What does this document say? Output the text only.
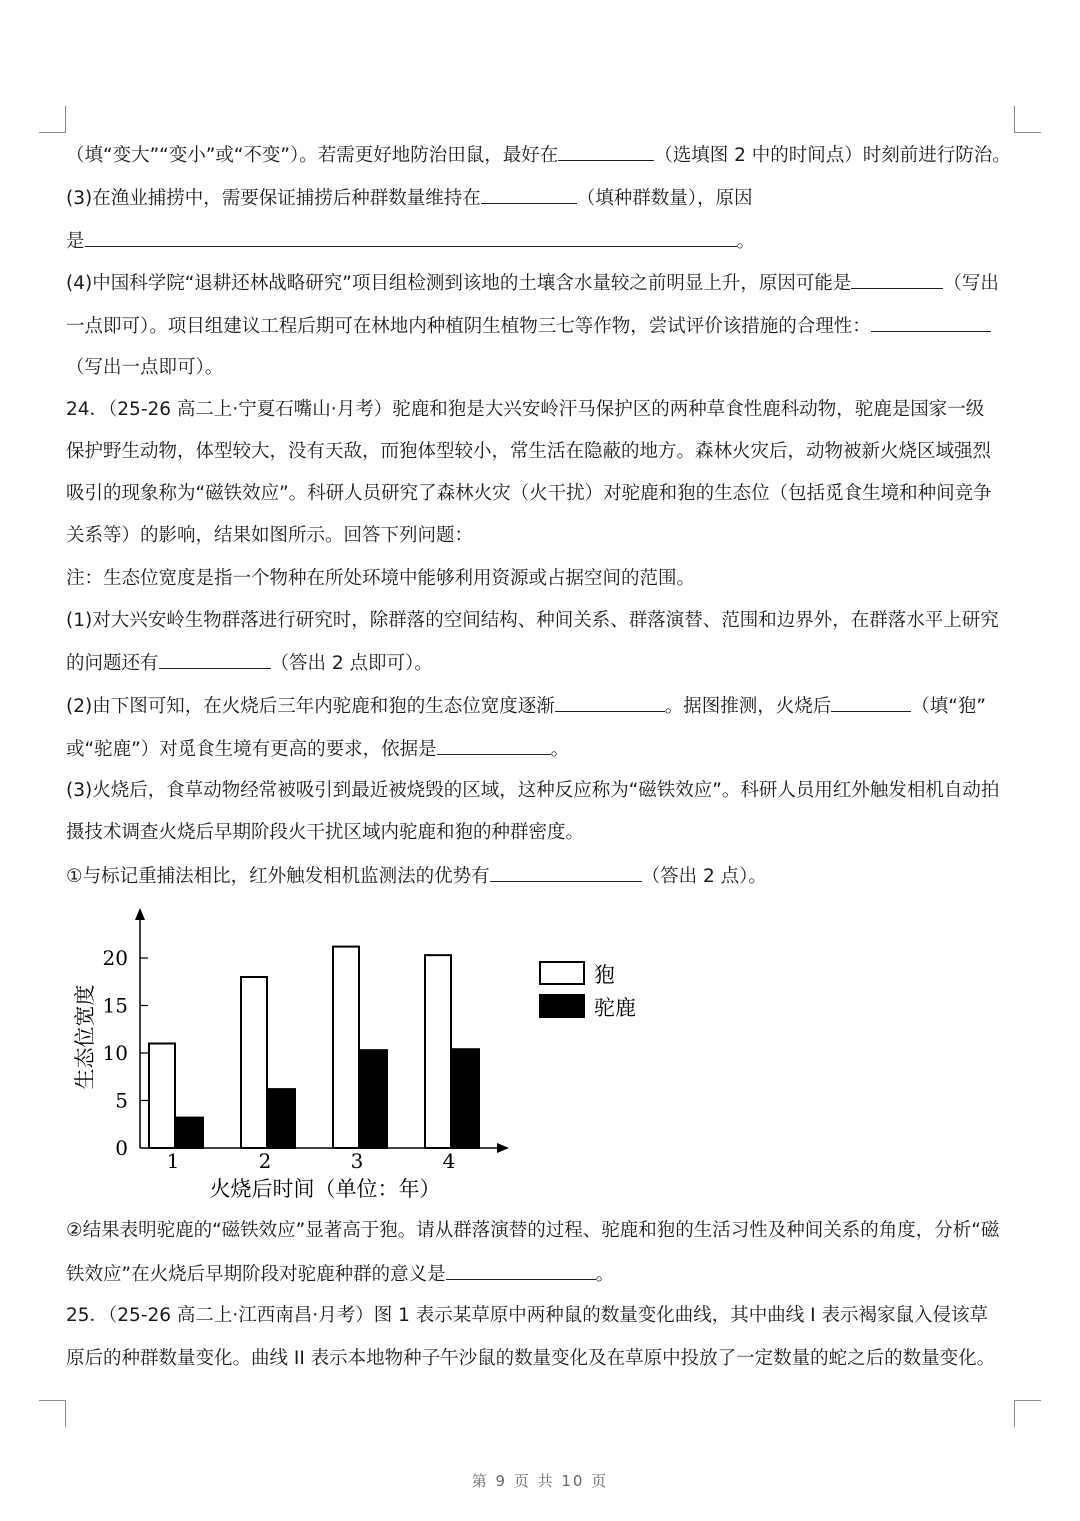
（填“变大”“变小”或“不变”）。若需更好地防治田鼠，最好在	（选填图 2 中的时间点）时刻前进行防治。
(3)在渔业捕捞中，需要保证捕捞后种群数量维持在	（填种群数量），原因
是	。
(4)中国科学院“退耕还林战略研究”项目组检测到该地的土壤含水量较之前明显上升，原因可能是	（写出
一点即可）。项目组建议工程后期可在林地内种植阴生植物三七等作物，尝试评价该措施的合理性：
（写出一点即可）。
24．（25-26 高二上·宁夏石嘴山·月考）驼鹿和狍是大兴安岭汗马保护区的两种草食性鹿科动物，驼鹿是国家一级
保护野生动物，体型较大，没有天敌，而狍体型较小，常生活在隐蔽的地方。森林火灾后，动物被新火烧区域强烈
吸引的现象称为“磁铁效应”。科研人员研究了森林火灾（火干扰）对驼鹿和狍的生态位（包括觅食生境和种间竞争
关系等）的影响，结果如图所示。回答下列问题：
注：生态位宽度是指一个物种在所处环境中能够利用资源或占据空间的范围。
(1)对大兴安岭生物群落进行研究时，除群落的空间结构、种间关系、群落演替、范围和边界外，在群落水平上研究
的问题还有	（答出 2 点即可）。
(2)由下图可知，在火烧后三年内驼鹿和狍的生态位宽度逐渐	。据图推测，火烧后	（填“狍”
或“驼鹿”）对觅食生境有更高的要求，依据是	。
(3)火烧后，食草动物经常被吸引到最近被烧毁的区域，这种反应称为“磁铁效应”。科研人员用红外触发相机自动拍
摄技术调查火烧后早期阶段火干扰区域内驼鹿和狍的种群密度。
①与标记重捕法相比，红外触发相机监测法的优势有	（答出 2 点）。
0
5
10
15
20
生态位宽度
1	2	3	4
火烧后时间（单位：年）
狍
驼鹿
②结果表明驼鹿的“磁铁效应”显著高于狍。请从群落演替的过程、驼鹿和狍的生活习性及种间关系的角度，分析“磁
铁效应”在火烧后早期阶段对驼鹿种群的意义是	。
25．（25-26 高二上·江西南昌·月考）图 1 表示某草原中两种鼠的数量变化曲线，其中曲线 I 表示褐家鼠入侵该草
原后的种群数量变化。曲线 II 表示本地物种子午沙鼠的数量变化及在草原中投放了一定数量的蛇之后的数量变化。
第 9 页 共 10 页
